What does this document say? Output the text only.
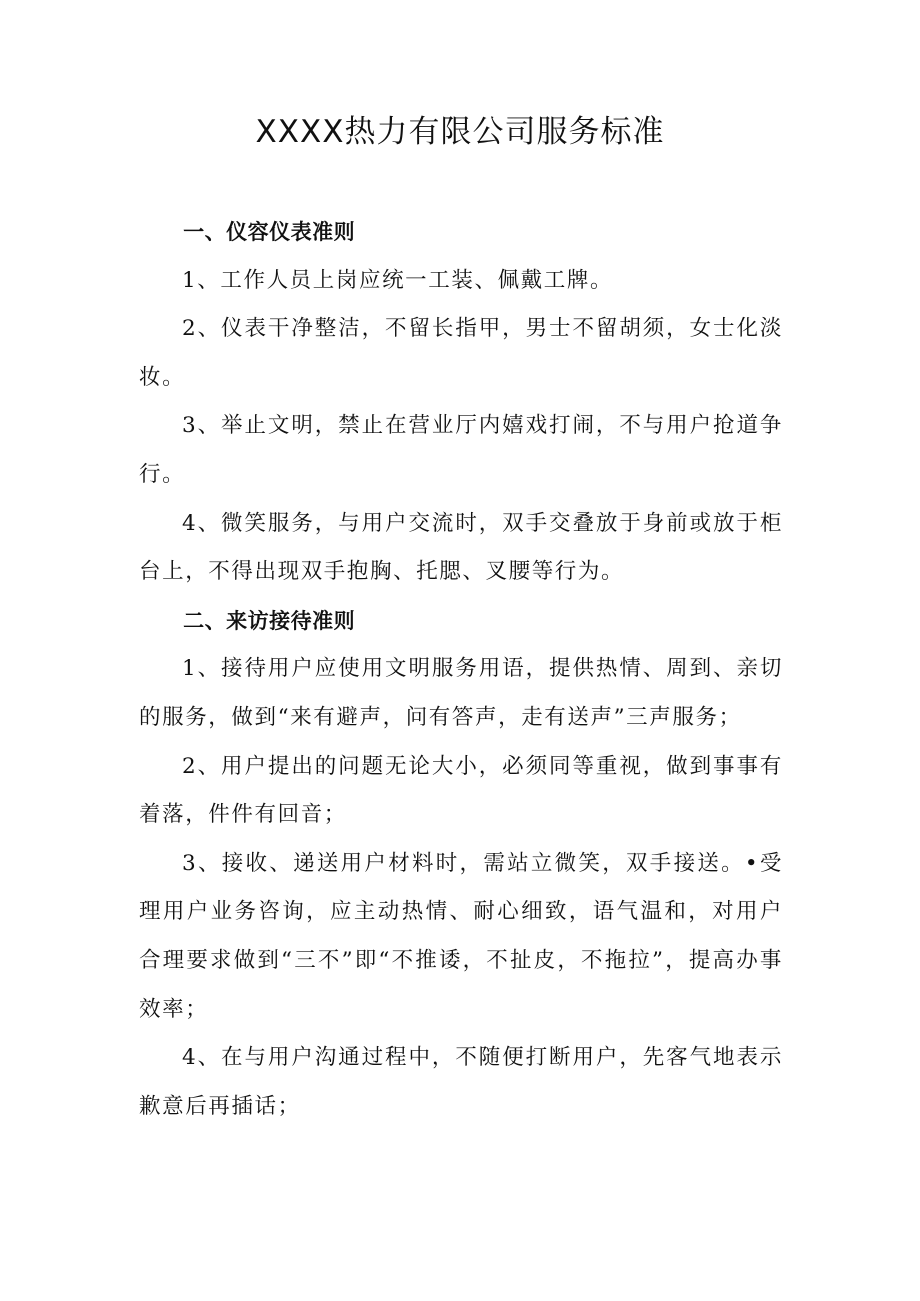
XXXX热力有限公司服务标准
一、仪容仪表准则

1、工作人员上岗应统一工装、佩戴工牌。

2、仪表干净整洁，不留长指甲，男士不留胡须，女士化淡妆。

3、举止文明，禁止在营业厅内嬉戏打闹，不与用户抢道争行。

4、微笑服务，与用户交流时，双手交叠放于身前或放于柜台上，不得出现双手抱胸、托腮、叉腰等行为。

二、来访接待准则

1、接待用户应使用文明服务用语，提供热情、周到、亲切的服务，做到“来有避声，问有答声，走有送声”三声服务；

2、用户提出的问题无论大小，必须同等重视，做到事事有着落，件件有回音；

3、接收、递送用户材料时，需站立微笑，双手接送。•受理用户业务咨询，应主动热情、耐心细致，语气温和，对用户合理要求做到“三不”即“不推诿，不扯皮，不拖拉”，提高办事效率；

4、在与用户沟通过程中，不随便打断用户，先客气地表示歉意后再插话；
